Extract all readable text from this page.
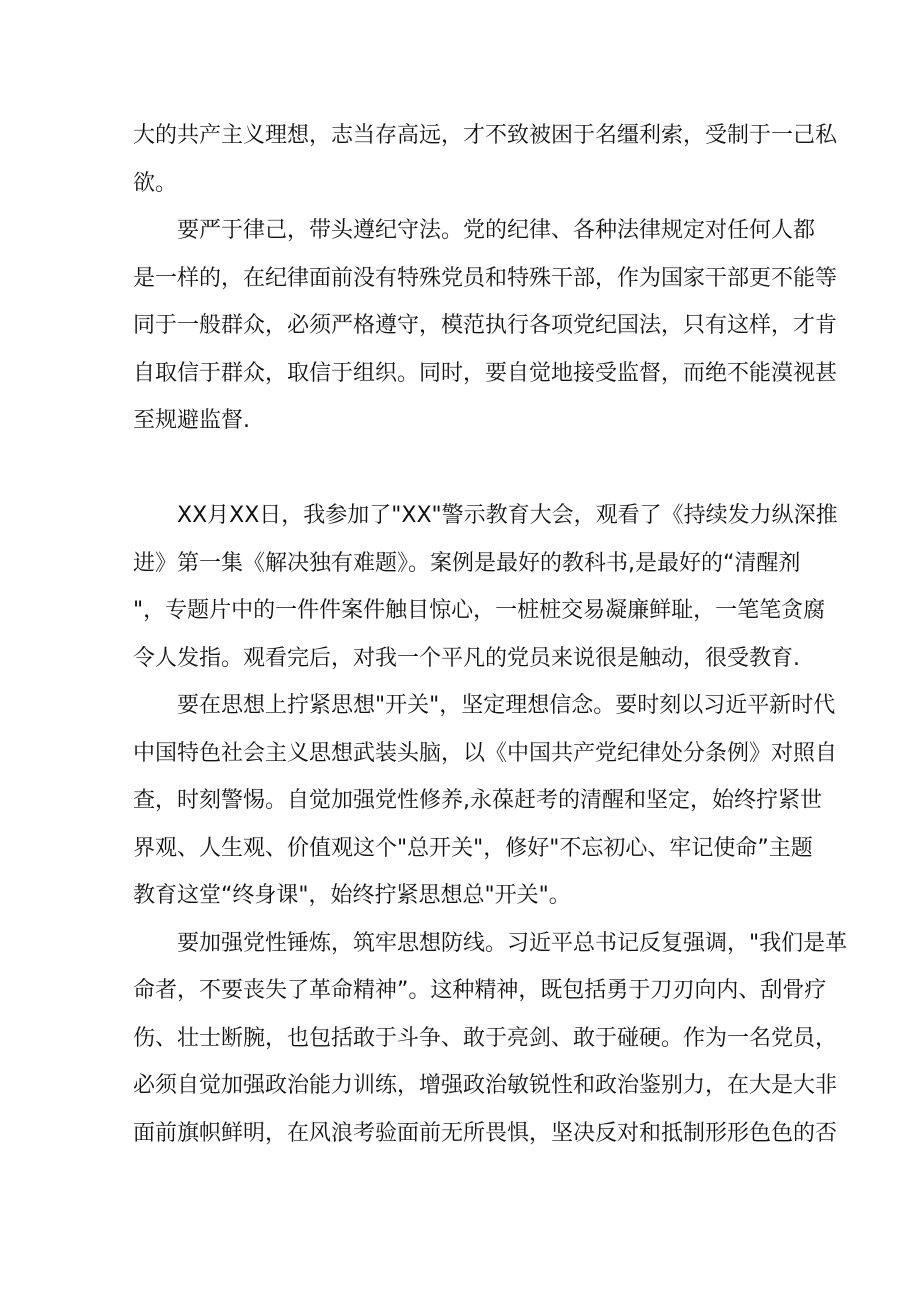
大的共产主义理想，志当存高远，才不致被困于名缰利索，受制于一己私
欲。
要严于律己，带头遵纪守法。党的纪律、各种法律规定对任何人都
是一样的，在纪律面前没有特殊党员和特殊干部，作为国家干部更不能等
同于一般群众，必须严格遵守，模范执行各项党纪国法，只有这样，才肯
自取信于群众，取信于组织。同时，要自觉地接受监督，而绝不能漠视甚
至规避监督.
XX月XX日，我参加了"XX"警示教育大会，观看了《持续发力纵深推
进》第一集《解决独有难题》。案例是最好的教科书,是最好的“清醒剂
"，专题片中的一件件案件触目惊心，一桩桩交易凝廉鲜耻，一笔笔贪腐
令人发指。观看完后，对我一个平凡的党员来说很是触动，很受教育.
要在思想上拧紧思想"开关"，坚定理想信念。要时刻以习近平新时代
中国特色社会主义思想武装头脑，以《中国共产党纪律处分条例》对照自
查，时刻警惕。自觉加强党性修养,永葆赶考的清醒和坚定，始终拧紧世
界观、人生观、价值观这个"总开关"，修好"不忘初心、牢记使命”主题
教育这堂“终身课"，始终拧紧思想总"开关"。
要加强党性锤炼，筑牢思想防线。习近平总书记反复强调，"我们是革
命者，不要丧失了革命精神”。这种精神，既包括勇于刀刃向内、刮骨疗
伤、壮士断腕，也包括敢于斗争、敢于亮剑、敢于碰硬。作为一名党员，
必须自觉加强政治能力训练，增强政治敏锐性和政治鉴别力，在大是大非
面前旗帜鲜明，在风浪考验面前无所畏惧，坚决反对和抵制形形色色的否
